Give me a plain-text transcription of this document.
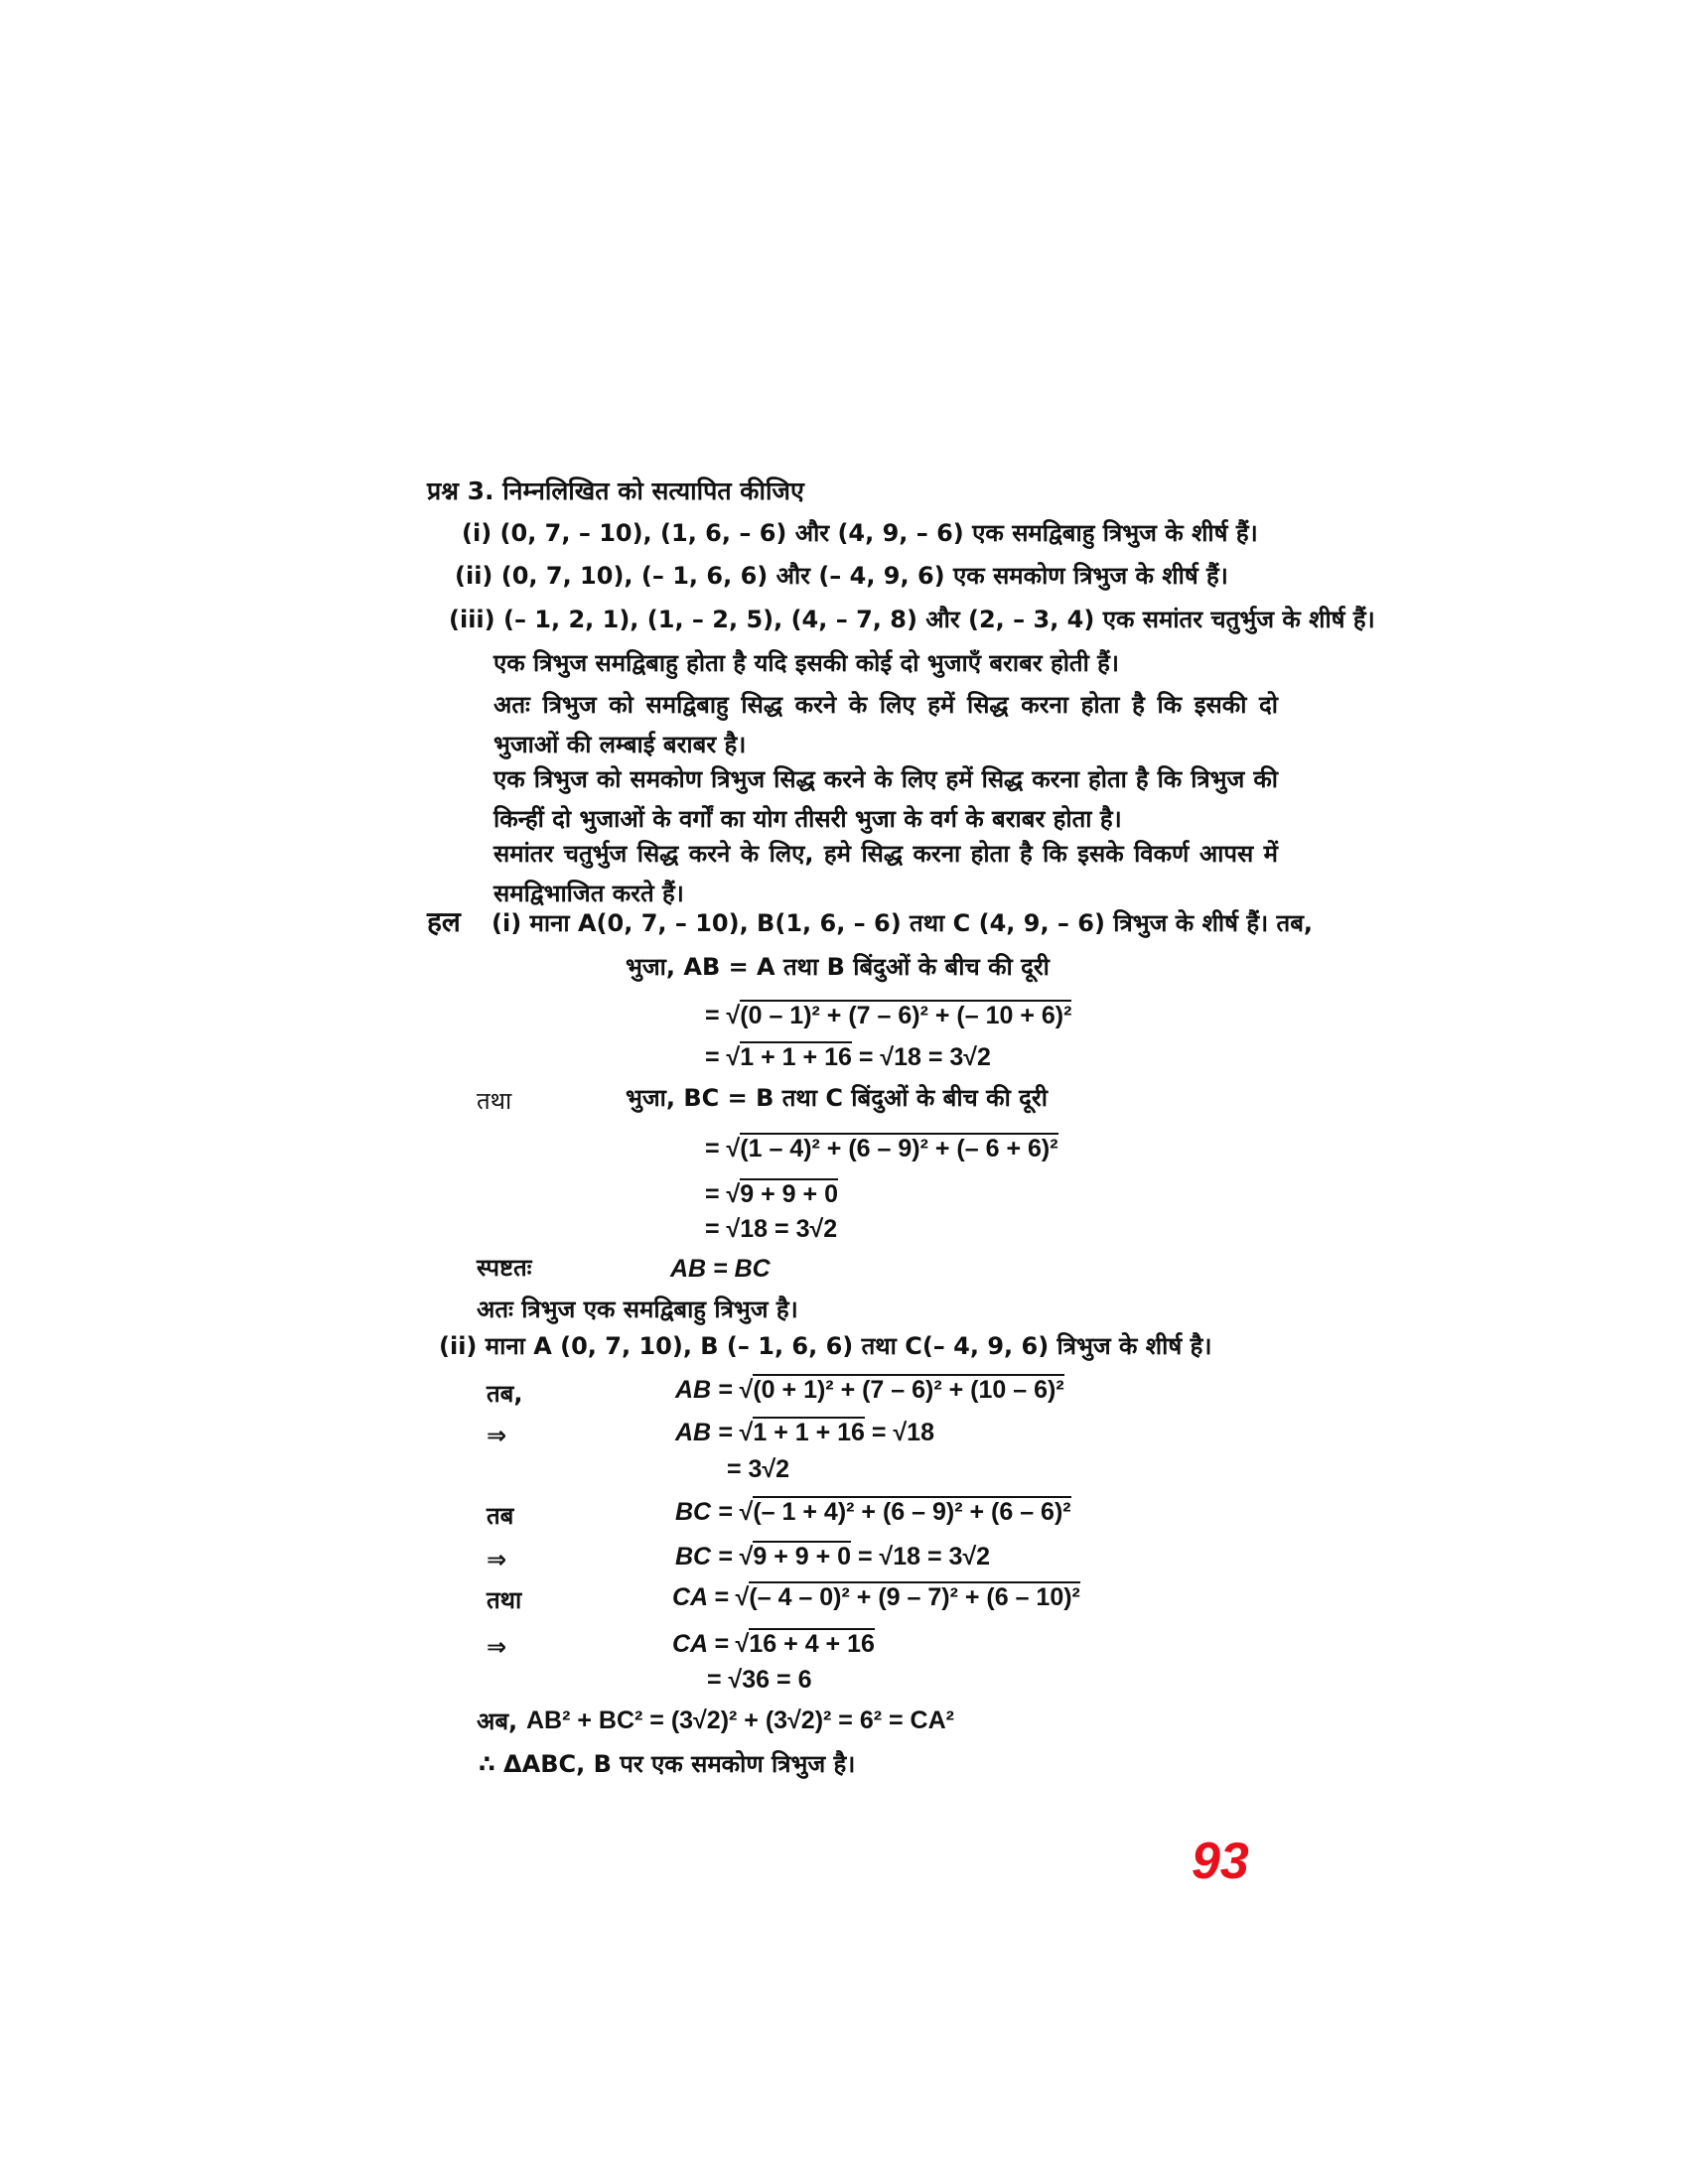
प्रश्न 3. निम्नलिखित को सत्यापित कीजिए
(i) (0, 7, – 10), (1, 6, – 6) और (4, 9, – 6) एक समद्विबाहु त्रिभुज के शीर्ष हैं।
(ii) (0, 7, 10), (– 1, 6, 6) और (– 4, 9, 6) एक समकोण त्रिभुज के शीर्ष हैं।
(iii) (– 1, 2, 1), (1, – 2, 5), (4, – 7, 8) और (2, – 3, 4) एक समांतर चतुर्भुज के शीर्ष हैं।
एक त्रिभुज समद्विबाहु होता है यदि इसकी कोई दो भुजाएँ बराबर होती हैं।
अतः त्रिभुज को समद्विबाहु सिद्ध करने के लिए हमें सिद्ध करना होता है कि इसकी दो भुजाओं की लम्बाई बराबर है।
एक त्रिभुज को समकोण त्रिभुज सिद्ध करने के लिए हमें सिद्ध करना होता है कि त्रिभुज की किन्हीं दो भुजाओं के वर्गों का योग तीसरी भुजा के वर्ग के बराबर होता है।
समांतर चतुर्भुज सिद्ध करने के लिए, हमे सिद्ध करना होता है कि इसके विकर्ण आपस में समद्विभाजित करते हैं।
हल (i) माना A(0, 7, – 10), B(1, 6, – 6) तथा C (4, 9, – 6) त्रिभुज के शीर्ष हैं। तब,
भुजा, AB = A तथा B बिंदुओं के बीच की दूरी
= √(0 – 1)² + (7 – 6)² + (– 10 + 6)²
= √1 + 1 + 16 = √18 = 3√2
तथा	भुजा, BC = B तथा C बिंदुओं के बीच की दूरी
= √(1 – 4)² + (6 – 9)² + (– 6 + 6)²
= √9 + 9 + 0
= √18 = 3√2
स्पष्टतः	AB = BC
अतः त्रिभुज एक समद्विबाहु त्रिभुज है।
(ii) माना A (0, 7, 10), B (– 1, 6, 6) तथा C(– 4, 9, 6) त्रिभुज के शीर्ष है।
तब,	AB = √(0 + 1)² + (7 – 6)² + (10 – 6)²
⇒	AB = √1 + 1 + 16 = √18
= 3√2
तब	BC = √(– 1 + 4)² + (6 – 9)² + (6 – 6)²
⇒	BC = √9 + 9 + 0 = √18 = 3√2
तथा	CA = √(– 4 – 0)² + (9 – 7)² + (6 – 10)²
⇒	CA = √16 + 4 + 16
= √36 = 6
अब, AB² + BC² = (3√2)² + (3√2)² = 6² = CA²
∴ ΔABC, B पर एक समकोण त्रिभुज है।
93
